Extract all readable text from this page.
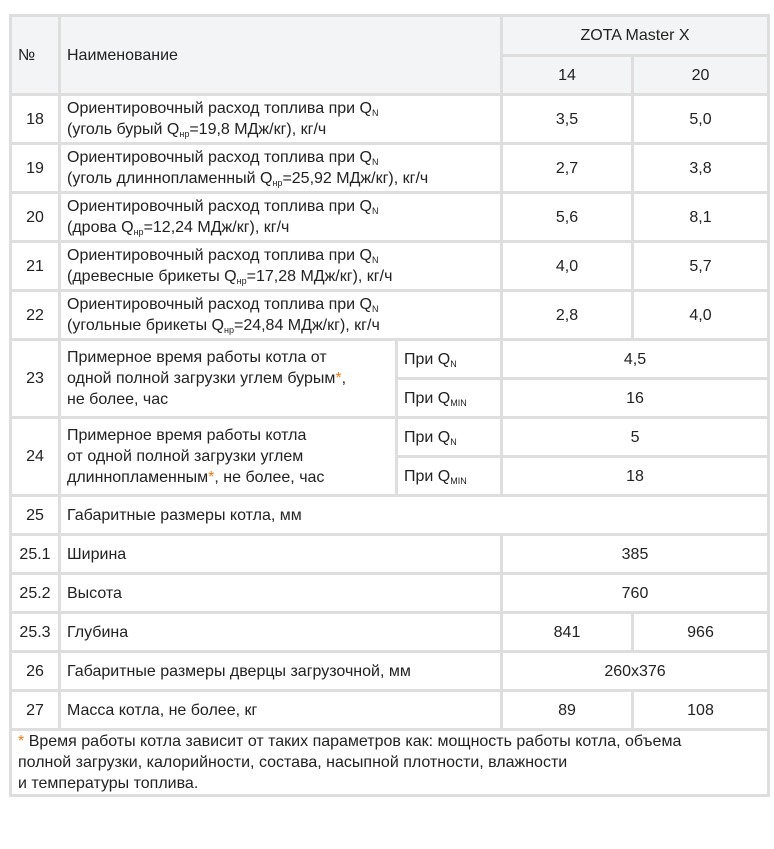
№	Наименование		ZOTA Master X	
			14	20
18	Ориентировочный расход топлива при $Q_N$
(уголь бурый $Q_{нр}=19,8$ МДж/кг), кг/ч		3,5	5,0
19	Ориентировочный расход топлива при $Q_N$
(уголь длиннопламенный $Q_{нр}=25,92$ МДж/кг), кг/ч		2,7	3,8
20	Ориентировочный расход топлива при $Q_N$
(дрова $Q_{нр}=12,24$ МДж/кг), кг/ч		5,6	8,1
21	Ориентировочный расход топлива при $Q_N$
(древесные брикеты $Q_{нр}=17,28$ МДж/кг), кг/ч		4,0	5,7
22	Ориентировочный расход топлива при $Q_N$
(угольные брикеты $Q_{нр}=24,84$ МДж/кг), кг/ч		2,8	4,0
23	Примерное время работы котла от
одной полной загрузки углем бурым*,
не более, час	При $Q_N$	4,5	
		При $Q_{MIN}$	16	
24	Примерное время работы котла
от одной полной загрузки углем
длиннопламенным*, не более, час	При $Q_N$	5	
		При $Q_{MIN}$	18	
25	Габаритные размеры котла, мм			
25.1	Ширина		385	
25.2	Высота		760	
25.3	Глубина		841	966
26	Габаритные размеры дверцы загрузочной, мм		260x376	
27	Масса котла, не более, кг		89	108
* Время работы котла зависит от таких параметров как: мощность работы котла, объема
полной загрузки, калорийности, состава, насыпной плотности, влажности
и температуры топлива.				
